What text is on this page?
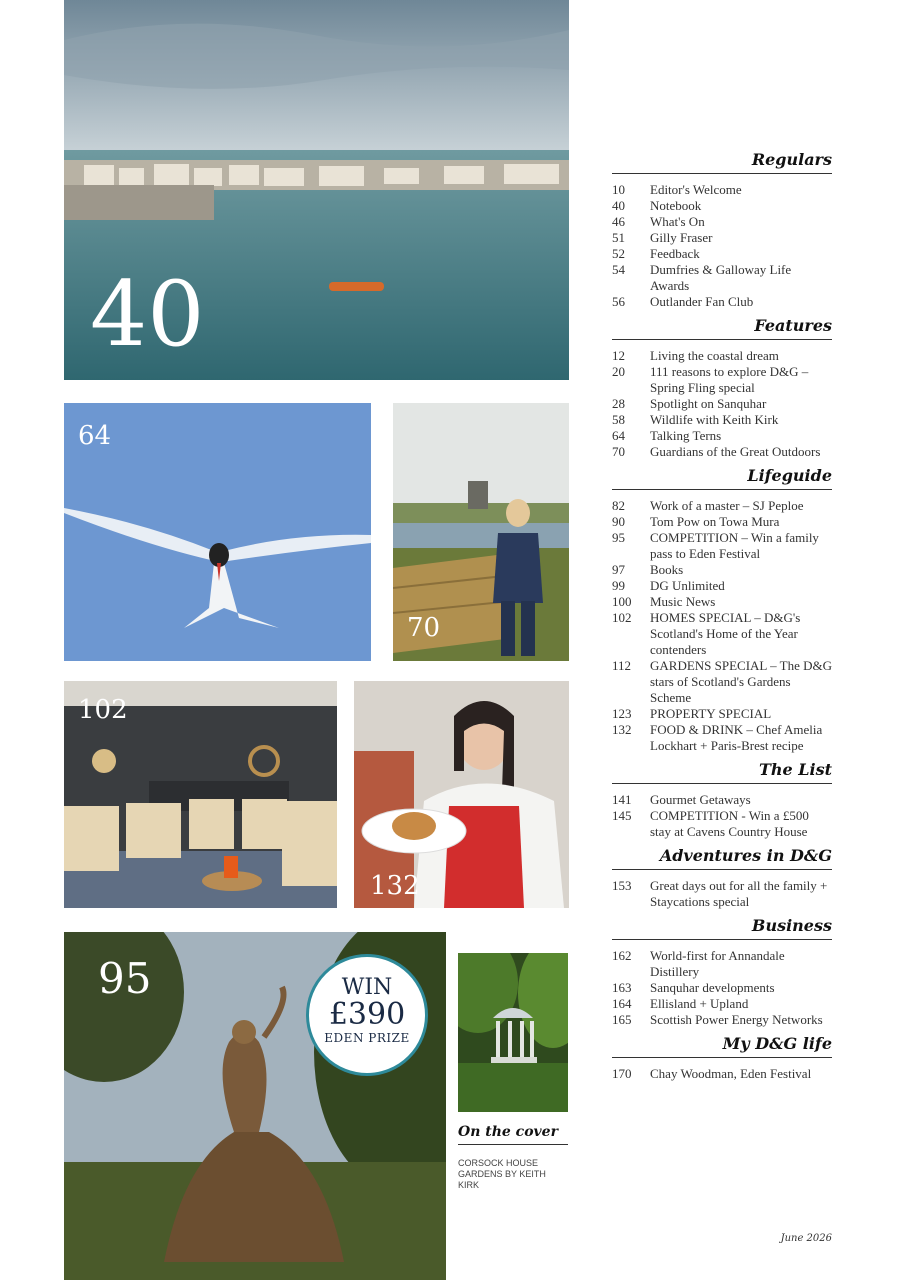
40
64
70
102
132
95	WIN
£390
EDEN PRIZE
On the cover
CORSOCK HOUSE GARDENS BY KEITH KIRK
Regulars
10	Editor's Welcome
40	Notebook
46	What's On
51	Gilly Fraser
52	Feedback
54	Dumfries & Galloway Life Awards
56	Outlander Fan Club
Features
12	Living the coastal dream
20	111 reasons to explore D&G – Spring Fling special
28	Spotlight on Sanquhar
58	Wildlife with Keith Kirk
64	Talking Terns
70	Guardians of the Great Outdoors
Lifeguide
82	Work of a master – SJ Peploe
90	Tom Pow on Towa Mura
95	COMPETITION – Win a family pass to Eden Festival
97	Books
99	DG Unlimited
100	Music News
102	HOMES SPECIAL – D&G's Scotland's Home of the Year contenders
112	GARDENS SPECIAL – The D&G stars of Scotland's Gardens Scheme
123	PROPERTY SPECIAL
132	FOOD & DRINK – Chef Amelia Lockhart + Paris-Brest recipe
The List
141	Gourmet Getaways
145	COMPETITION - Win a £500 stay at Cavens Country House
Adventures in D&G
153	Great days out for all the family + Staycations special
Business
162	World-first for Annandale Distillery
163	Sanquhar developments
164	Ellisland + Upland
165	Scottish Power Energy Networks
My D&G life
170	Chay Woodman, Eden Festival
June 2026
